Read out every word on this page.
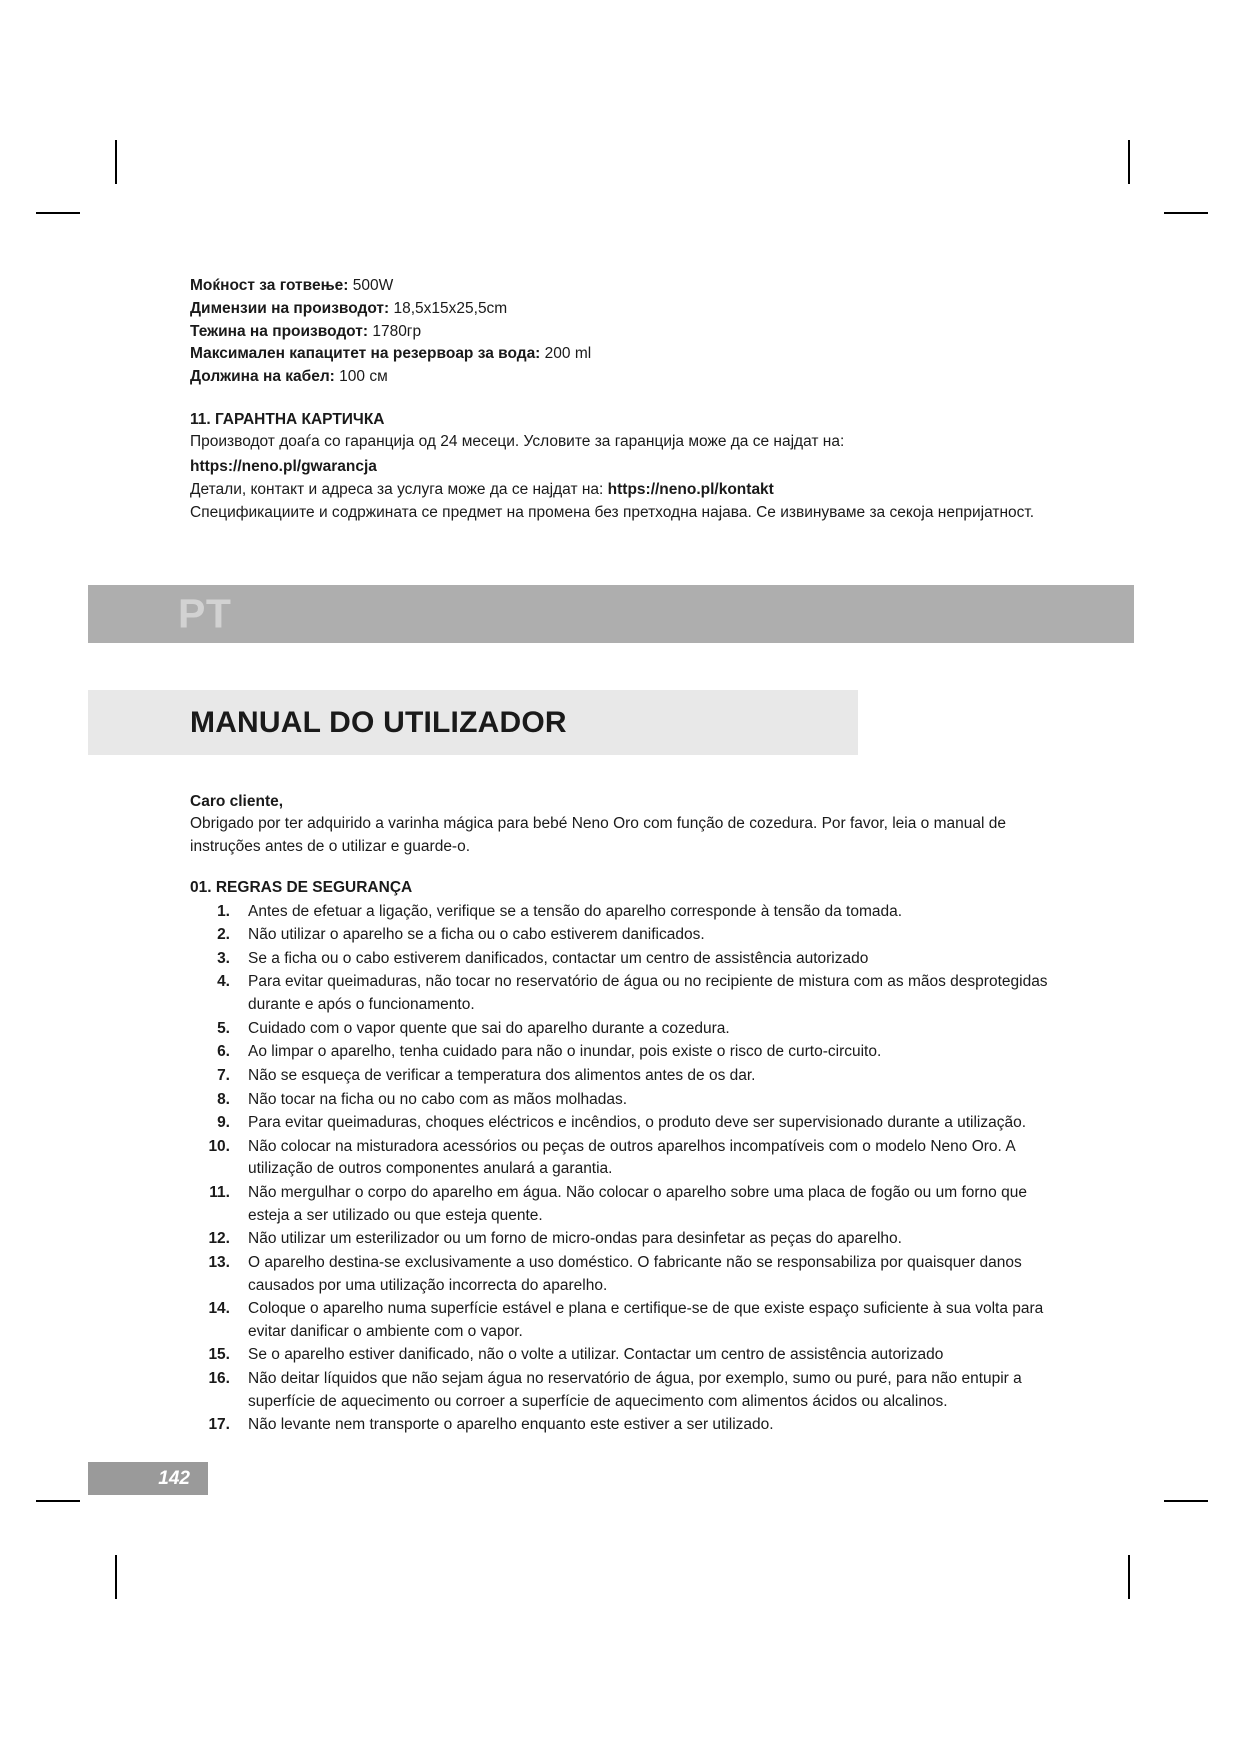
Моќност за готвење: 500W
Димензии на производот: 18,5x15x25,5cm
Тежина на производот: 1780гр
Максимален капацитет на резервоар за вода: 200 ml
Должина на кабел: 100 см
11. ГАРАНТНА КАРТИЧКА
Производот доаѓа со гаранција од 24 месеци. Условите за гаранција може да се најдат на:
https://neno.pl/gwarancja
Детали, контакт и адреса за услуга може да се најдат на: https://neno.pl/kontakt
Спецификациите и содржината се предмет на промена без претходна најава. Се извинуваме за секоја непријатност.
PT
MANUAL DO UTILIZADOR
Caro cliente,
Obrigado por ter adquirido a varinha mágica para bebé Neno Oro com função de cozedura. Por favor, leia o manual de instruções antes de o utilizar e guarde-o.
01. REGRAS DE SEGURANÇA
1. Antes de efetuar a ligação, verifique se a tensão do aparelho corresponde à tensão da tomada.
2. Não utilizar o aparelho se a ficha ou o cabo estiverem danificados.
3. Se a ficha ou o cabo estiverem danificados, contactar um centro de assistência autorizado
4. Para evitar queimaduras, não tocar no reservatório de água ou no recipiente de mistura com as mãos desprotegidas durante e após o funcionamento.
5. Cuidado com o vapor quente que sai do aparelho durante a cozedura.
6. Ao limpar o aparelho, tenha cuidado para não o inundar, pois existe o risco de curto-circuito.
7. Não se esqueça de verificar a temperatura dos alimentos antes de os dar.
8. Não tocar na ficha ou no cabo com as mãos molhadas.
9. Para evitar queimaduras, choques eléctricos e incêndios, o produto deve ser supervisionado durante a utilização.
10. Não colocar na misturadora acessórios ou peças de outros aparelhos incompatíveis com o modelo Neno Oro. A utilização de outros componentes anulará a garantia.
11. Não mergulhar o corpo do aparelho em água. Não colocar o aparelho sobre uma placa de fogão ou um forno que esteja a ser utilizado ou que esteja quente.
12. Não utilizar um esterilizador ou um forno de micro-ondas para desinfetar as peças do aparelho.
13. O aparelho destina-se exclusivamente a uso doméstico. O fabricante não se responsabiliza por quaisquer danos causados por uma utilização incorrecta do aparelho.
14. Coloque o aparelho numa superfície estável e plana e certifique-se de que existe espaço suficiente à sua volta para evitar danificar o ambiente com o vapor.
15. Se o aparelho estiver danificado, não o volte a utilizar. Contactar um centro de assistência autorizado
16. Não deitar líquidos que não sejam água no reservatório de água, por exemplo, sumo ou puré, para não entupir a superfície de aquecimento ou corroer a superfície de aquecimento com alimentos ácidos ou alcalinos.
17. Não levante nem transporte o aparelho enquanto este estiver a ser utilizado.
142
